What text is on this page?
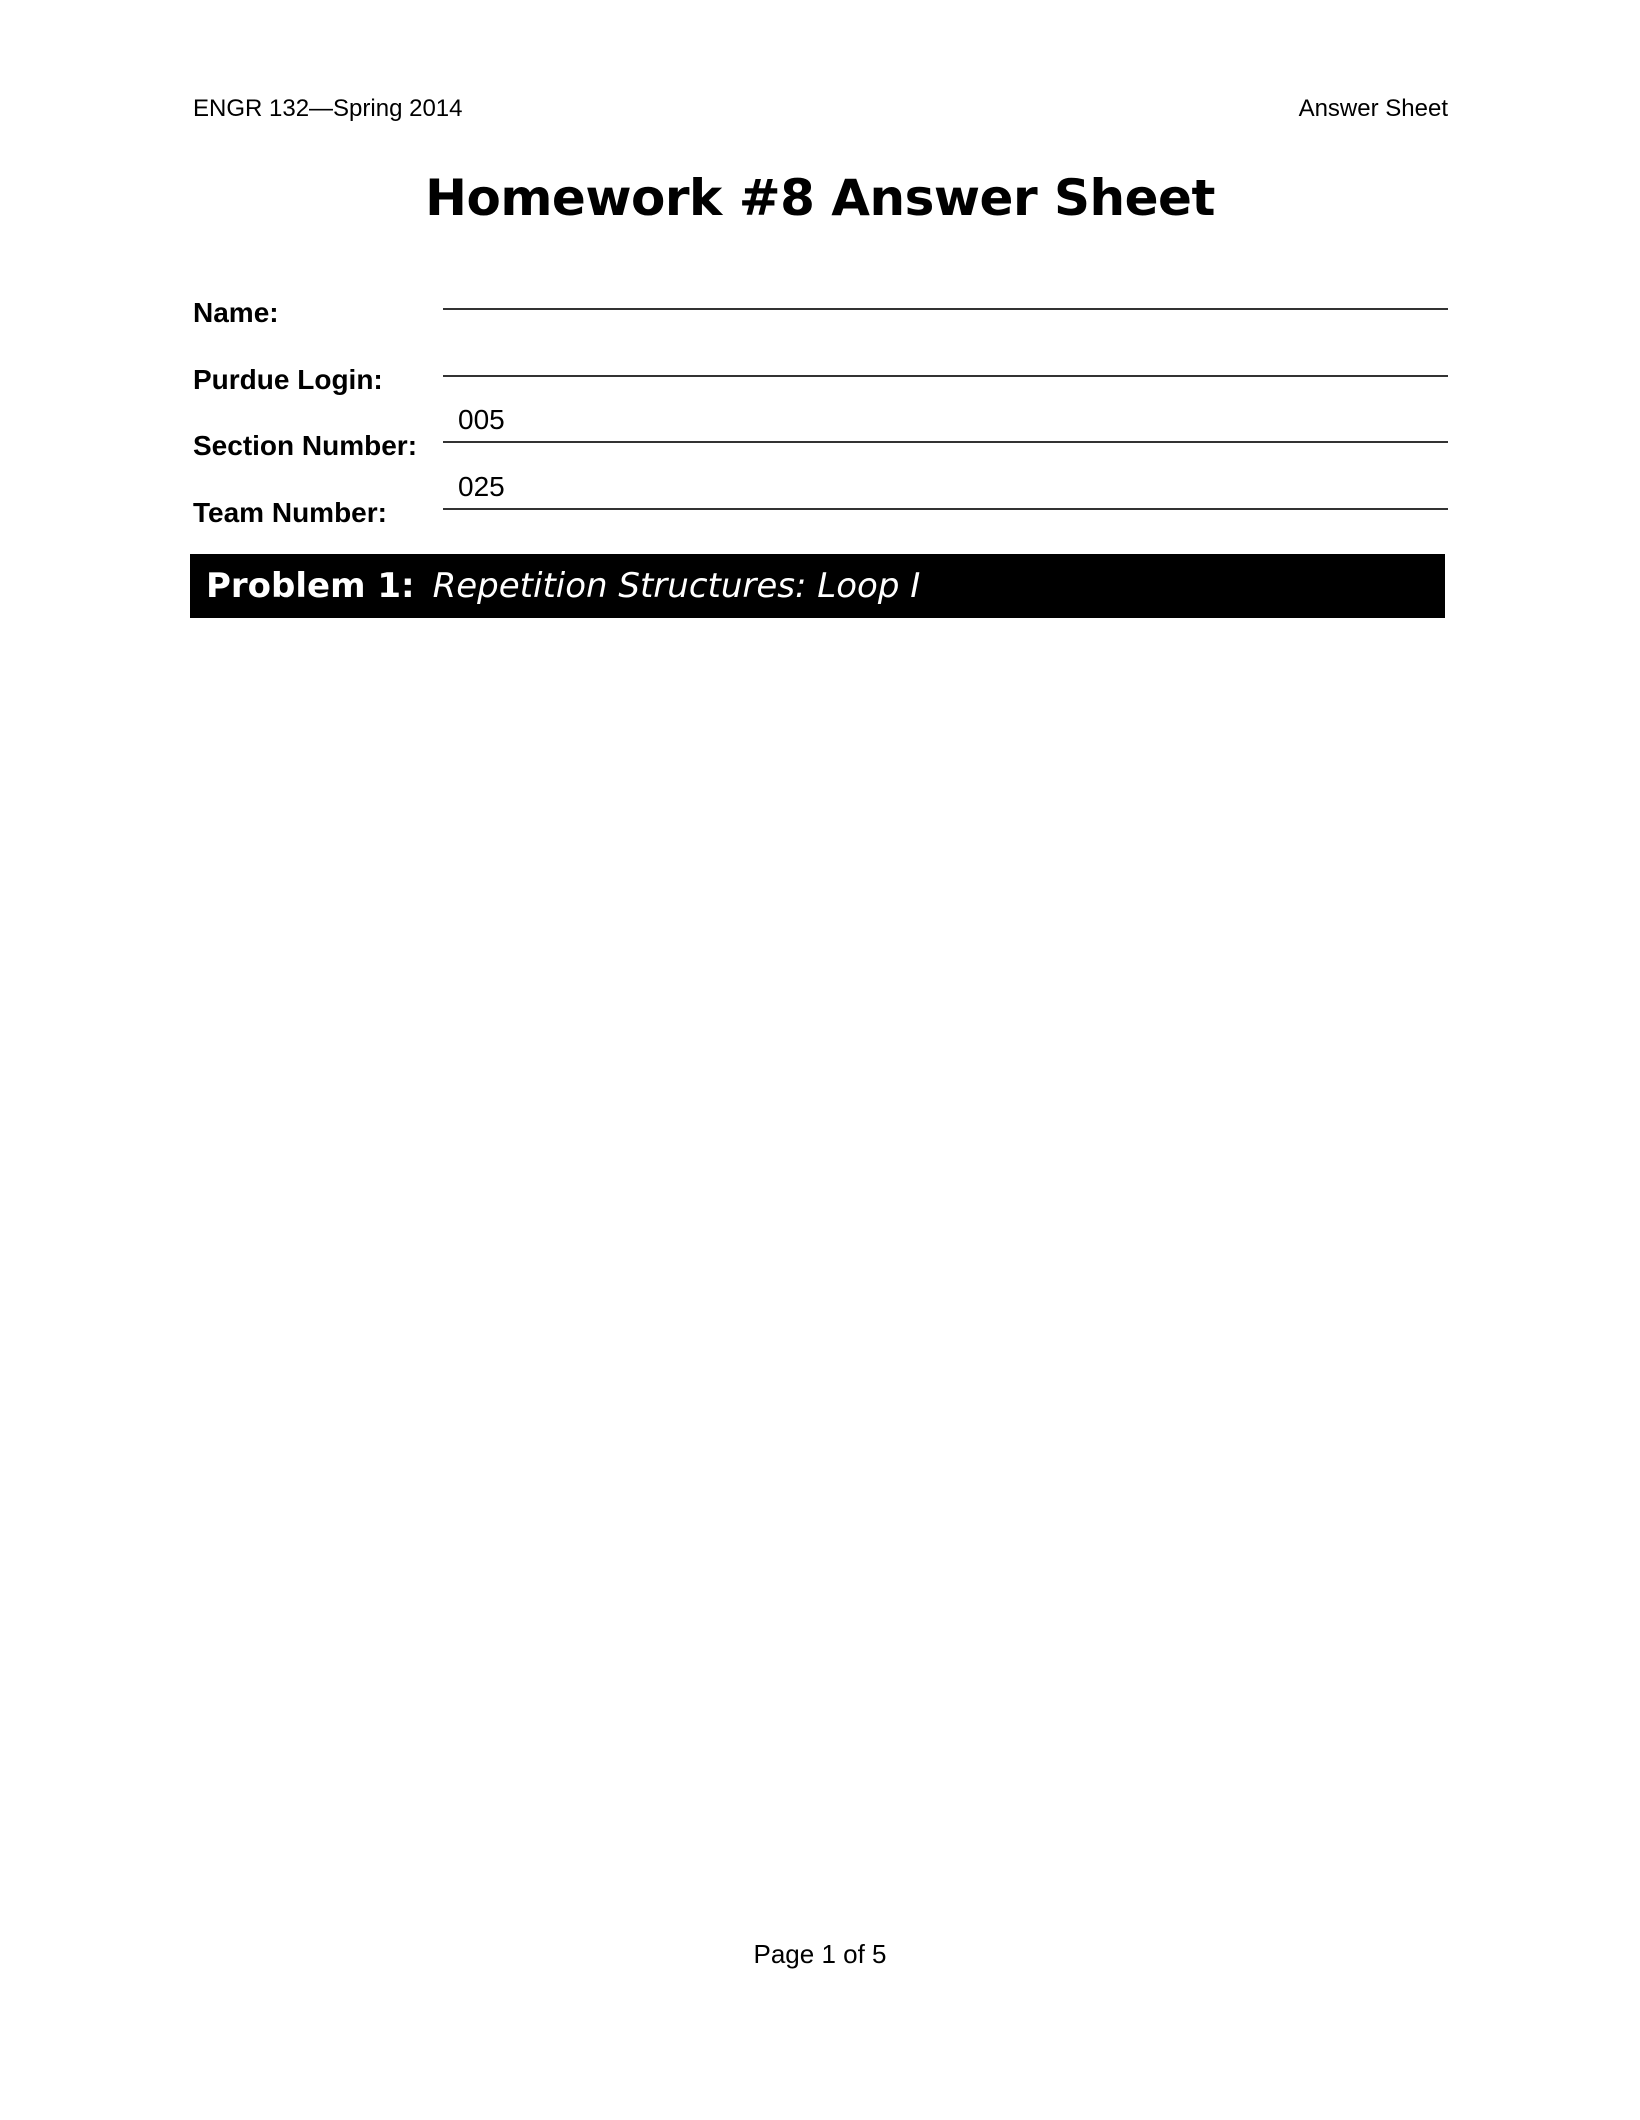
ENGR 132—Spring 2014	Answer Sheet
Homework #8 Answer Sheet
Name:
Purdue Login:
Section Number:
005
Team Number:
025
Problem 1: Repetition Structures: Loop I
Page 1 of 5
